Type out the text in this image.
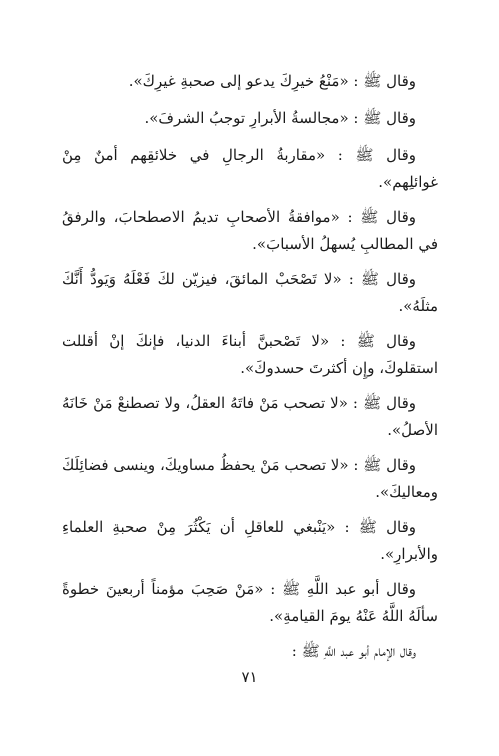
وقال ﷺ : «مَنْعُ خيرِكَ يدعو إلى صحبةِ غيرِكَ».

وقال ﷺ : «مجالسةُ الأبرارِ توجبُ الشرفَ».

وقال ﷺ : «مقاربةُ الرجالِ في خلائقِهم أمنٌ مِنْ غوائلِهم».

وقال ﷺ : «موافقةُ الأصحابِ تديمُ الاصطحابَ، والرفقُ في المطالبِ يُسهلُ الأسبابَ».

وقال ﷺ : «لا تَصْحَبْ المائقَ، فيزيّن لكَ فَعْلَهُ وَيَودُّ أَنَّكَ مثلَهُ».

وقال ﷺ : «لا تَصْحبنَّ أبناءَ الدنيا، فإنكَ إنْ أقللت استقلوكَ، وإِن أكثرتَ حسدوكَ».

وقال ﷺ : «لا تصحب مَنْ فاتَهُ العقلُ، ولا تصطنعْ مَنْ خَانَهُ الأصلُ».

وقال ﷺ : «لا تصحب مَنْ يحفظُ مساويكَ، وينسى فضائِلَكَ ومعاليكَ».

وقال ﷺ : «يَنْبغي للعاقلِ أن يَكْثُرَ مِنْ صحبةِ العلماءِ والأبرارِ».

وقال أبو عبد اللَّهِ ﷺ : «مَنْ صَحِبَ مؤمناً أربعينَ خطوةً سألَهُ اللَّهُ عَنْهُ يومَ القيامةِ».

وقال الإمام أبو عبد اللَّهِ ﷺ :

٧١
